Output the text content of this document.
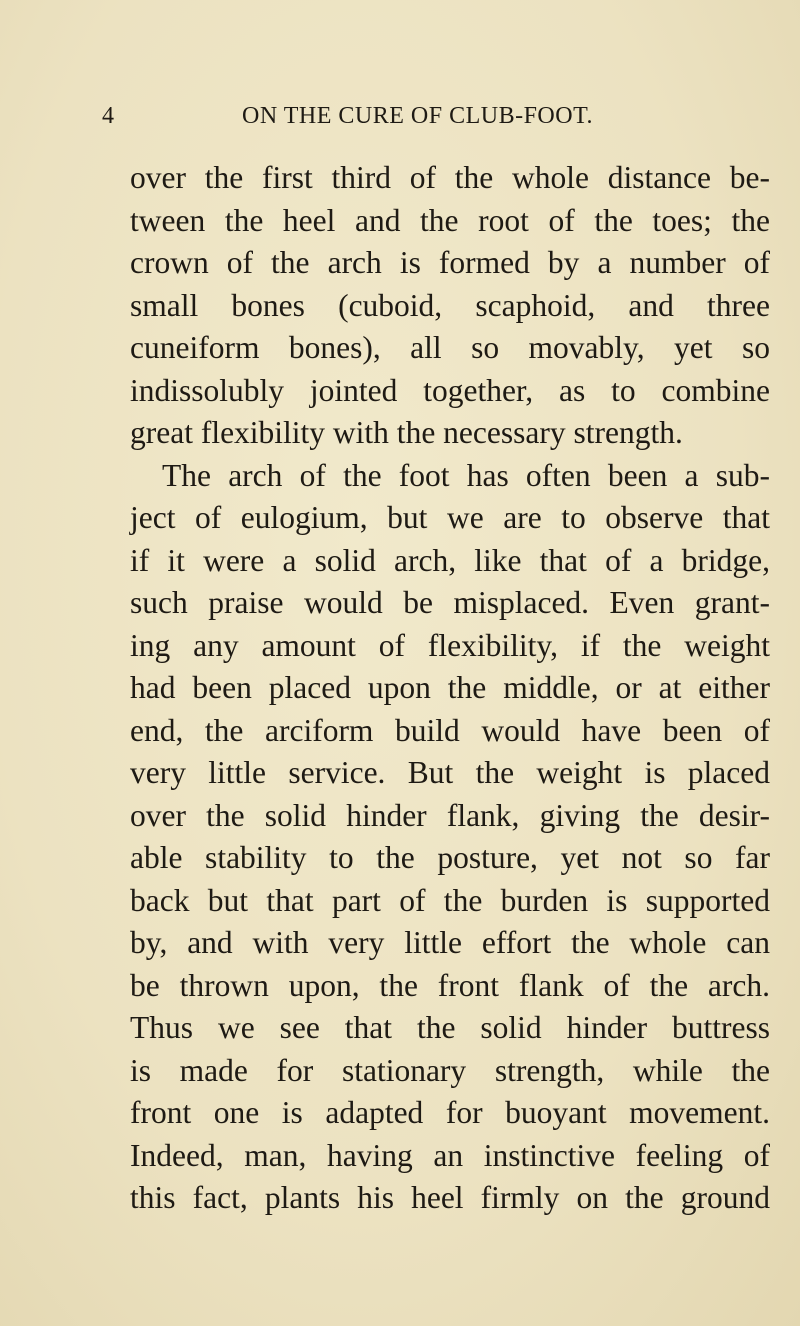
4	ON THE CURE OF CLUB-FOOT.
over the first third of the whole distance be-
tween the heel and the root of the toes; the
crown of the arch is formed by a number of
small bones (cuboid, scaphoid, and three
cuneiform bones), all so movably, yet so
indissolubly jointed together, as to combine
great flexibility with the necessary strength.
The arch of the foot has often been a sub-
ject of eulogium, but we are to observe that
if it were a solid arch, like that of a bridge,
such praise would be misplaced. Even grant-
ing any amount of flexibility, if the weight
had been placed upon the middle, or at either
end, the arciform build would have been of
very little service. But the weight is placed
over the solid hinder flank, giving the desir-
able stability to the posture, yet not so far
back but that part of the burden is supported
by, and with very little effort the whole can
be thrown upon, the front flank of the arch.
Thus we see that the solid hinder buttress
is made for stationary strength, while the
front one is adapted for buoyant movement.
Indeed, man, having an instinctive feeling of
this fact, plants his heel firmly on the ground
